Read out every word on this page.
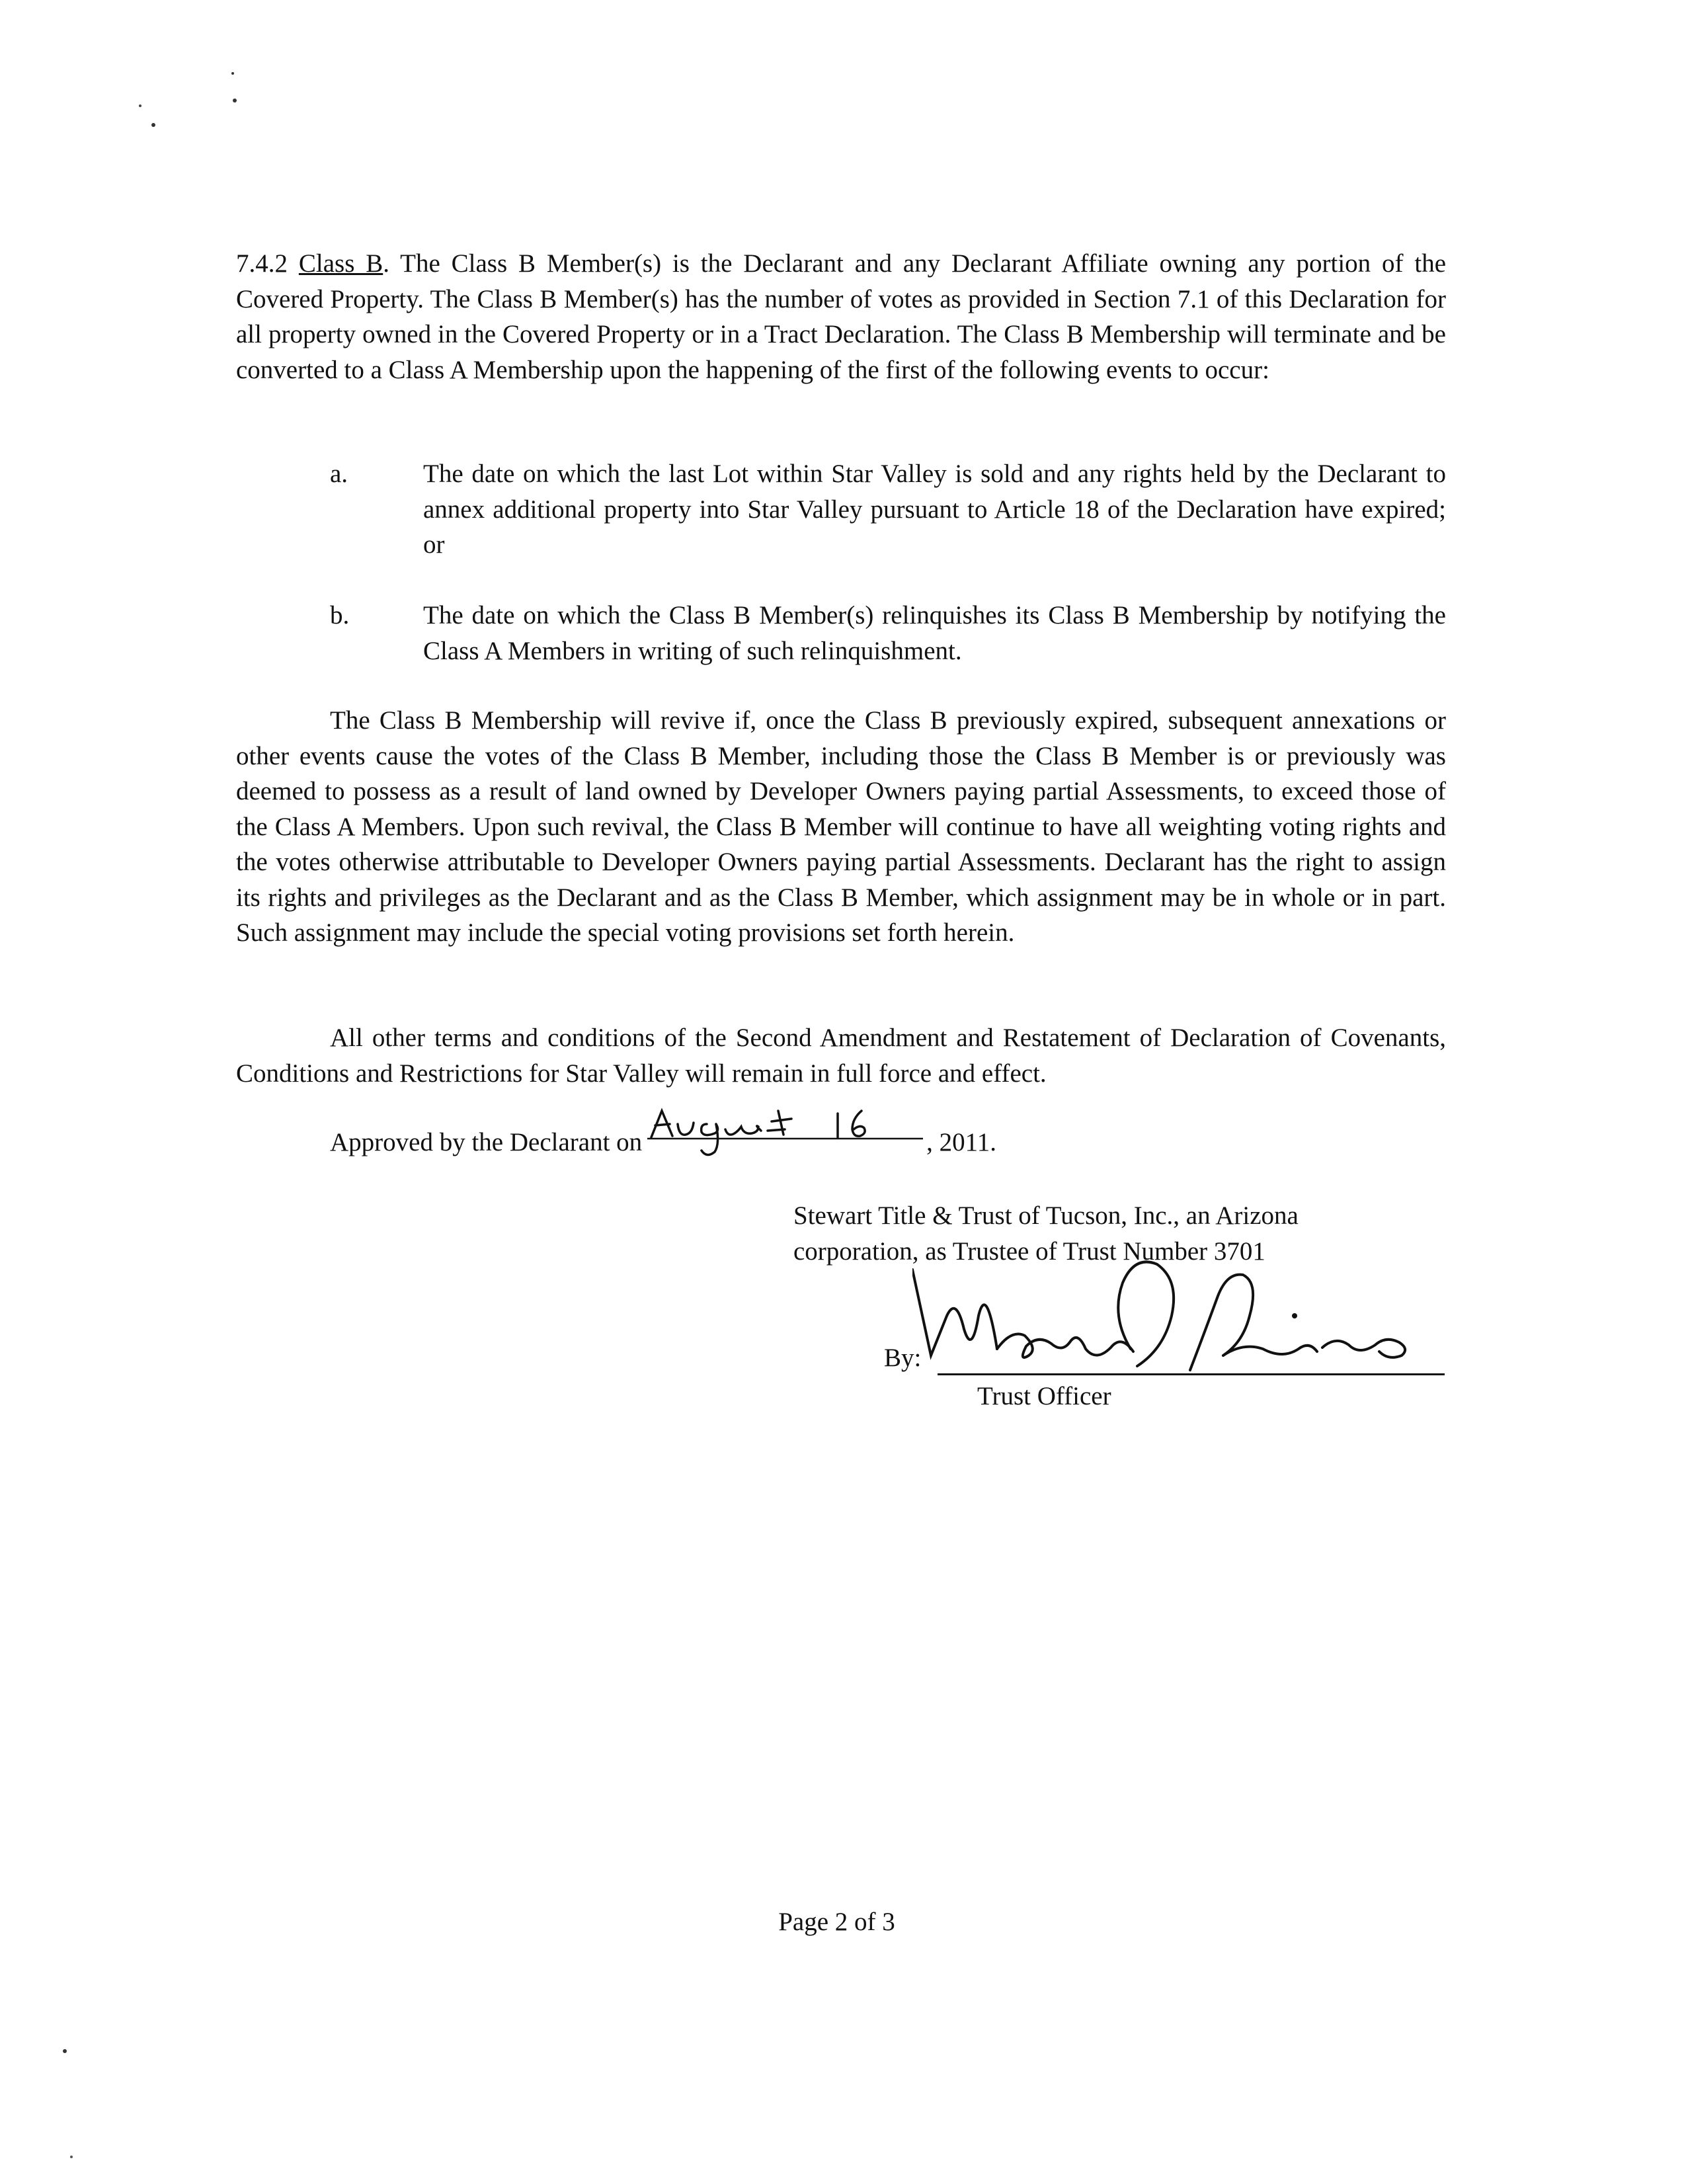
7.4.2 Class B. The Class B Member(s) is the Declarant and any Declarant Affiliate owning any portion of the Covered Property. The Class B Member(s) has the number of votes as provided in Section 7.1 of this Declaration for all property owned in the Covered Property or in a Tract Declaration. The Class B Membership will terminate and be converted to a Class A Membership upon the happening of the first of the following events to occur:
a.	The date on which the last Lot within Star Valley is sold and any rights held by the Declarant to annex additional property into Star Valley pursuant to Article 18 of the Declaration have expired; or
b.	The date on which the Class B Member(s) relinquishes its Class B Membership by notifying the Class A Members in writing of such relinquishment.
The Class B Membership will revive if, once the Class B previously expired, subsequent annexations or other events cause the votes of the Class B Member, including those the Class B Member is or previously was deemed to possess as a result of land owned by Developer Owners paying partial Assessments, to exceed those of the Class A Members. Upon such revival, the Class B Member will continue to have all weighting voting rights and the votes otherwise attributable to Developer Owners paying partial Assessments. Declarant has the right to assign its rights and privileges as the Declarant and as the Class B Member, which assignment may be in whole or in part. Such assignment may include the special voting provisions set forth herein.
All other terms and conditions of the Second Amendment and Restatement of Declaration of Covenants, Conditions and Restrictions for Star Valley will remain in full force and effect.
Approved by the Declarant on	, 2011.
Stewart Title & Trust of Tucson, Inc., an Arizona
corporation, as Trustee of Trust Number 3701
By:
Trust Officer
Page 2 of 3
